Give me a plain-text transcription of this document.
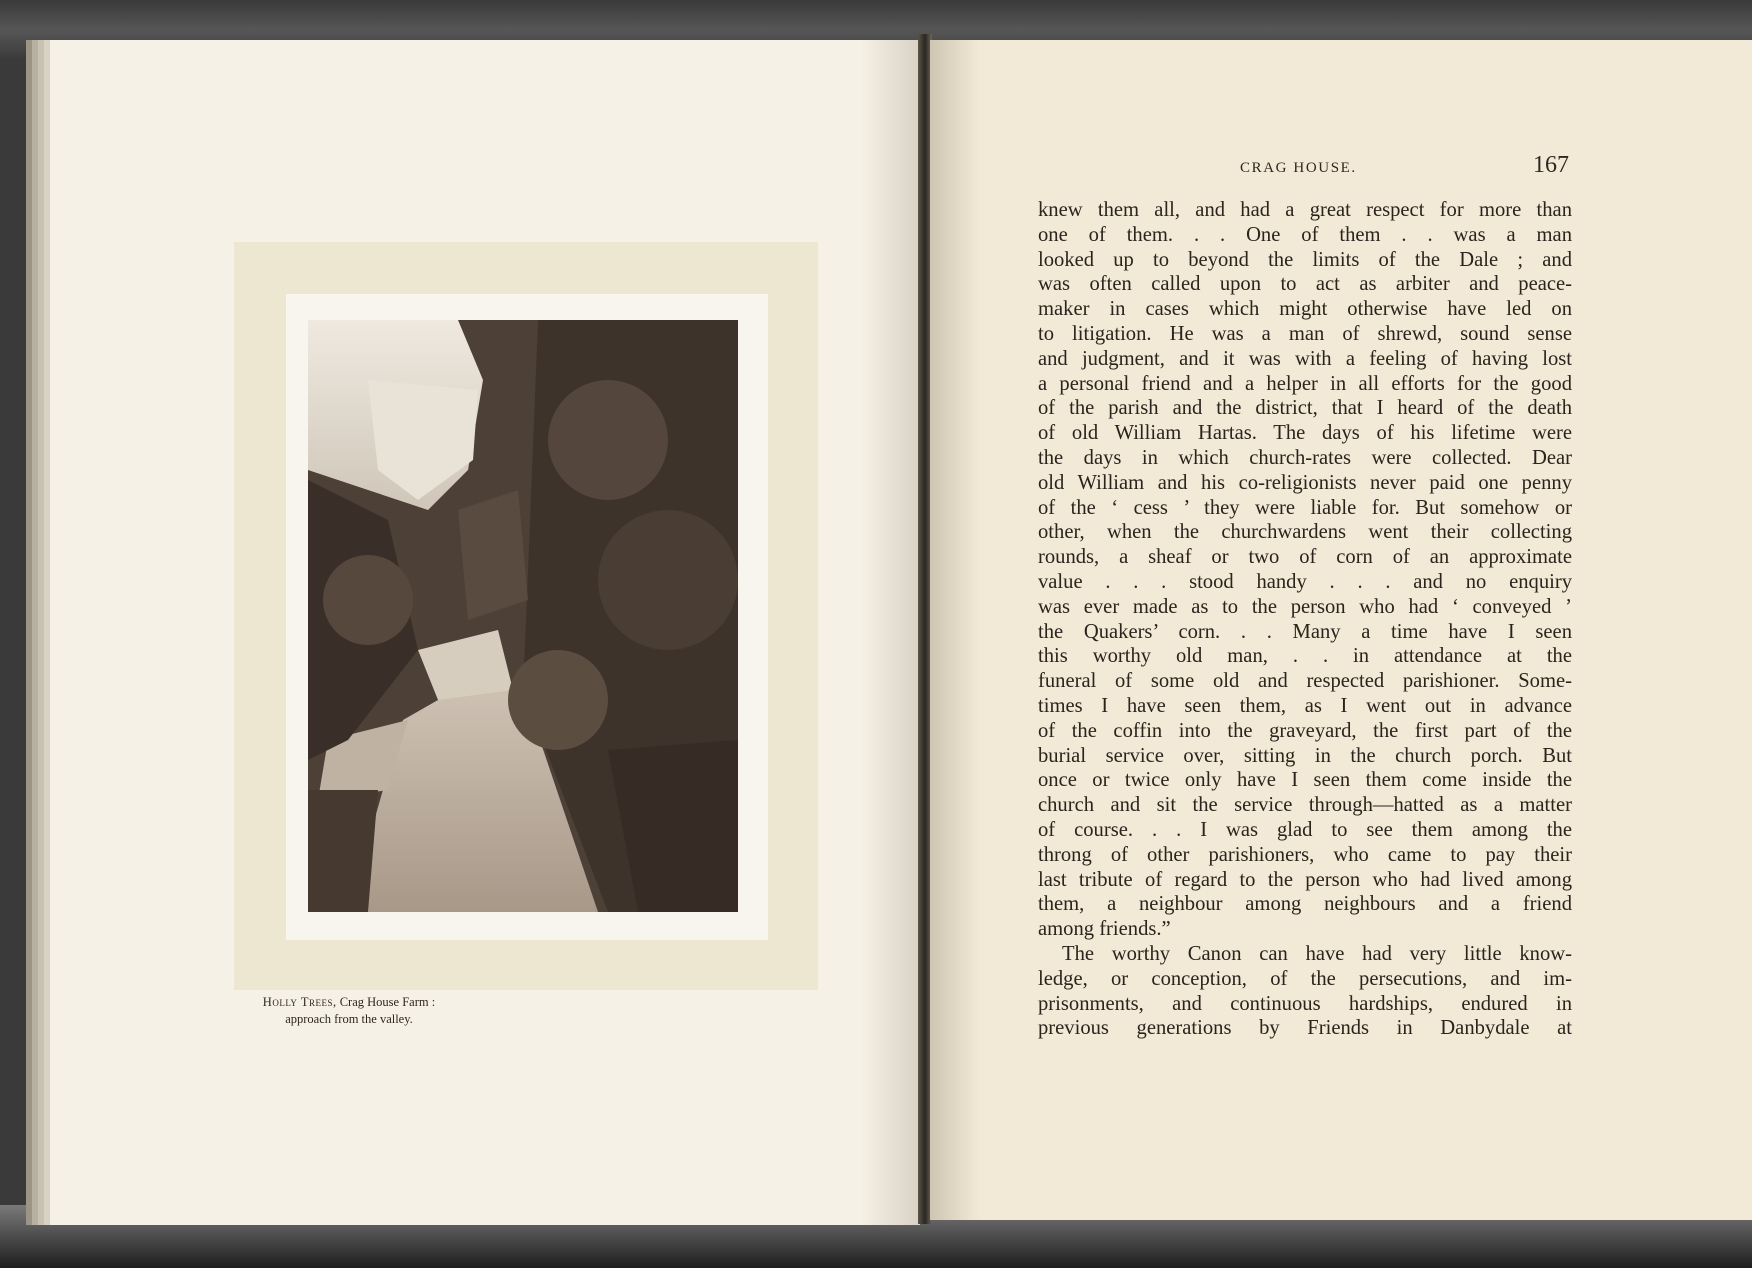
Holly Trees, Crag House Farm :
approach from the valley.
CRAG HOUSE.	167
knew them all, and had a great respect for more than
one of them. . . One of them . . was a man
looked up to beyond the limits of the Dale ; and
was often called upon to act as arbiter and peace-
maker in cases which might otherwise have led on
to litigation. He was a man of shrewd, sound sense
and judgment, and it was with a feeling of having lost
a personal friend and a helper in all efforts for the good
of the parish and the district, that I heard of the death
of old William Hartas. The days of his lifetime were
the days in which church-rates were collected. Dear
old William and his co-religionists never paid one penny
of the ‘ cess ’ they were liable for. But somehow or
other, when the churchwardens went their collecting
rounds, a sheaf or two of corn of an approximate
value . . . stood handy . . . and no enquiry
was ever made as to the person who had ‘ conveyed ’
the Quakers’ corn. . . Many a time have I seen
this worthy old man, . . in attendance at the
funeral of some old and respected parishioner. Some-
times I have seen them, as I went out in advance
of the coffin into the graveyard, the first part of the
burial service over, sitting in the church porch. But
once or twice only have I seen them come inside the
church and sit the service through—hatted as a matter
of course. . . I was glad to see them among the
throng of other parishioners, who came to pay their
last tribute of regard to the person who had lived among
them, a neighbour among neighbours and a friend
among friends.”
The worthy Canon can have had very little know-
ledge, or conception, of the persecutions, and im-
prisonments, and continuous hardships, endured in
previous generations by Friends in Danbydale at
